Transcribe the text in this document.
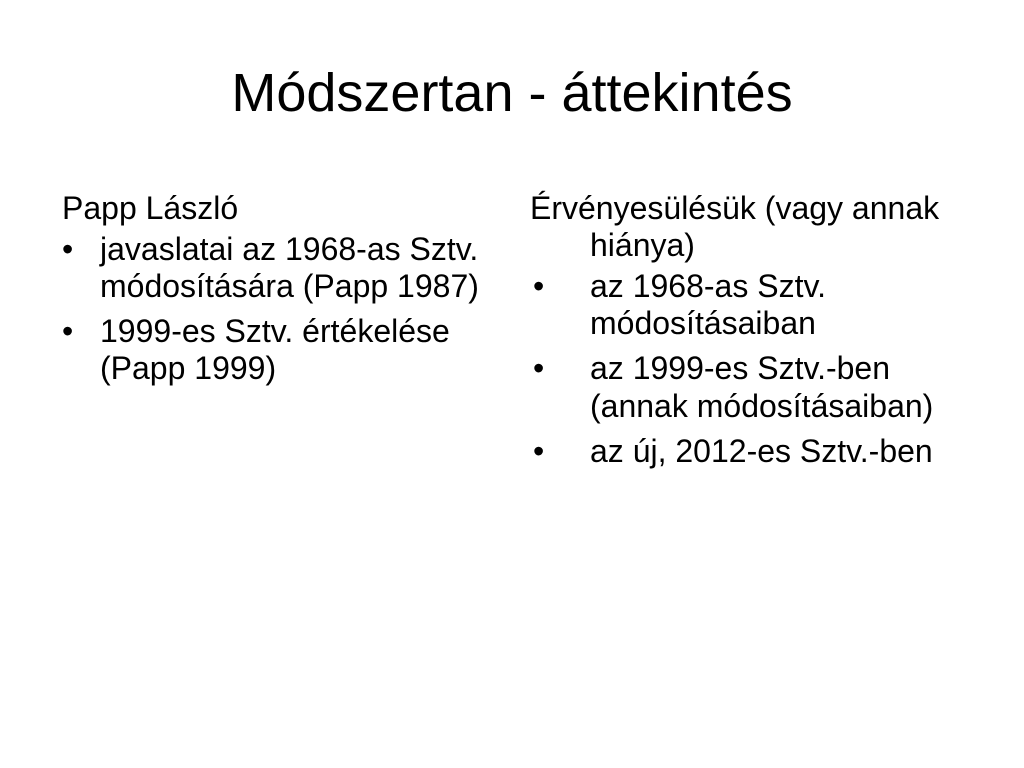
Módszertan - áttekintés
Papp László
• javaslatai az 1968-as Sztv. módosítására (Papp 1987)
• 1999-es Sztv. értékelése (Papp 1999)
Érvényesülésük (vagy annak hiánya)
• az 1968-as Sztv. módosításaiban
• az 1999-es Sztv.-ben (annak módosításaiban)
• az új, 2012-es Sztv.-ben
